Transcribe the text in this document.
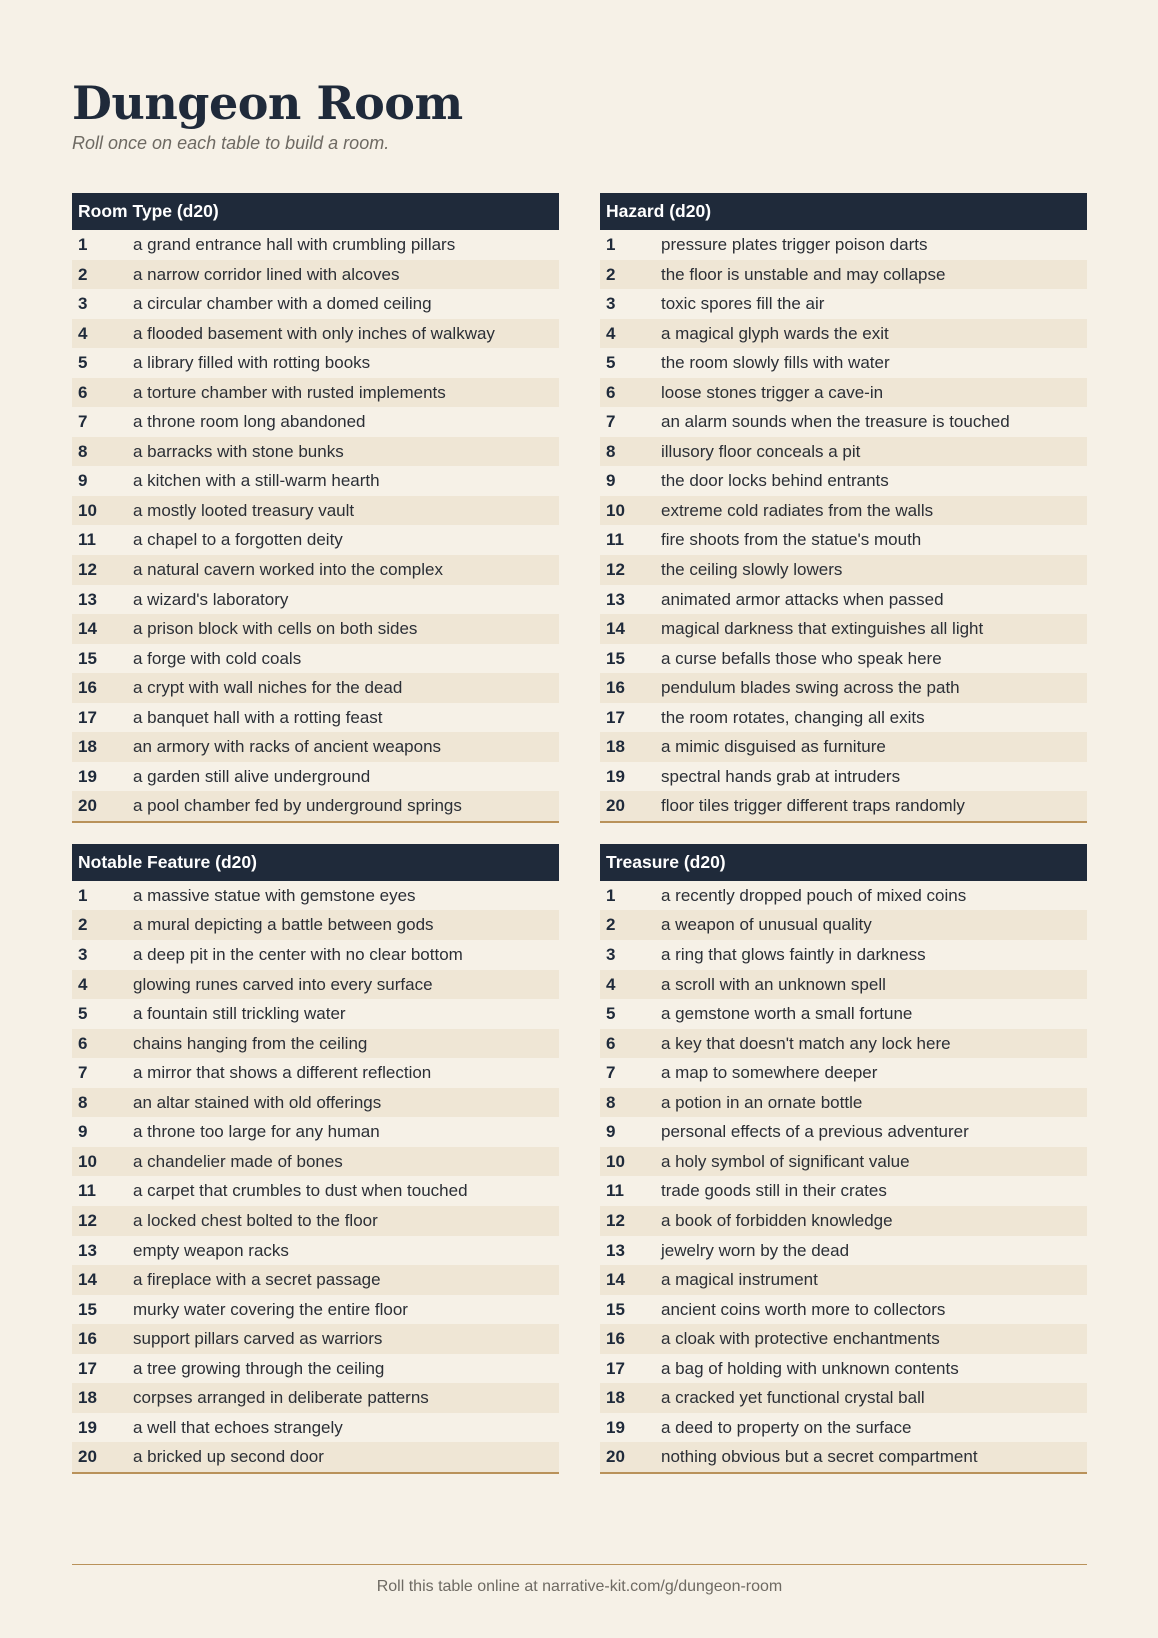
Dungeon Room
Roll once on each table to build a room.
Room Type (d20)
1	a grand entrance hall with crumbling pillars
2	a narrow corridor lined with alcoves
3	a circular chamber with a domed ceiling
4	a flooded basement with only inches of walkway
5	a library filled with rotting books
6	a torture chamber with rusted implements
7	a throne room long abandoned
8	a barracks with stone bunks
9	a kitchen with a still-warm hearth
10	a mostly looted treasury vault
11	a chapel to a forgotten deity
12	a natural cavern worked into the complex
13	a wizard's laboratory
14	a prison block with cells on both sides
15	a forge with cold coals
16	a crypt with wall niches for the dead
17	a banquet hall with a rotting feast
18	an armory with racks of ancient weapons
19	a garden still alive underground
20	a pool chamber fed by underground springs
Hazard (d20)
1	pressure plates trigger poison darts
2	the floor is unstable and may collapse
3	toxic spores fill the air
4	a magical glyph wards the exit
5	the room slowly fills with water
6	loose stones trigger a cave-in
7	an alarm sounds when the treasure is touched
8	illusory floor conceals a pit
9	the door locks behind entrants
10	extreme cold radiates from the walls
11	fire shoots from the statue's mouth
12	the ceiling slowly lowers
13	animated armor attacks when passed
14	magical darkness that extinguishes all light
15	a curse befalls those who speak here
16	pendulum blades swing across the path
17	the room rotates, changing all exits
18	a mimic disguised as furniture
19	spectral hands grab at intruders
20	floor tiles trigger different traps randomly
Notable Feature (d20)
1	a massive statue with gemstone eyes
2	a mural depicting a battle between gods
3	a deep pit in the center with no clear bottom
4	glowing runes carved into every surface
5	a fountain still trickling water
6	chains hanging from the ceiling
7	a mirror that shows a different reflection
8	an altar stained with old offerings
9	a throne too large for any human
10	a chandelier made of bones
11	a carpet that crumbles to dust when touched
12	a locked chest bolted to the floor
13	empty weapon racks
14	a fireplace with a secret passage
15	murky water covering the entire floor
16	support pillars carved as warriors
17	a tree growing through the ceiling
18	corpses arranged in deliberate patterns
19	a well that echoes strangely
20	a bricked up second door
Treasure (d20)
1	a recently dropped pouch of mixed coins
2	a weapon of unusual quality
3	a ring that glows faintly in darkness
4	a scroll with an unknown spell
5	a gemstone worth a small fortune
6	a key that doesn't match any lock here
7	a map to somewhere deeper
8	a potion in an ornate bottle
9	personal effects of a previous adventurer
10	a holy symbol of significant value
11	trade goods still in their crates
12	a book of forbidden knowledge
13	jewelry worn by the dead
14	a magical instrument
15	ancient coins worth more to collectors
16	a cloak with protective enchantments
17	a bag of holding with unknown contents
18	a cracked yet functional crystal ball
19	a deed to property on the surface
20	nothing obvious but a secret compartment
Roll this table online at narrative-kit.com/g/dungeon-room
